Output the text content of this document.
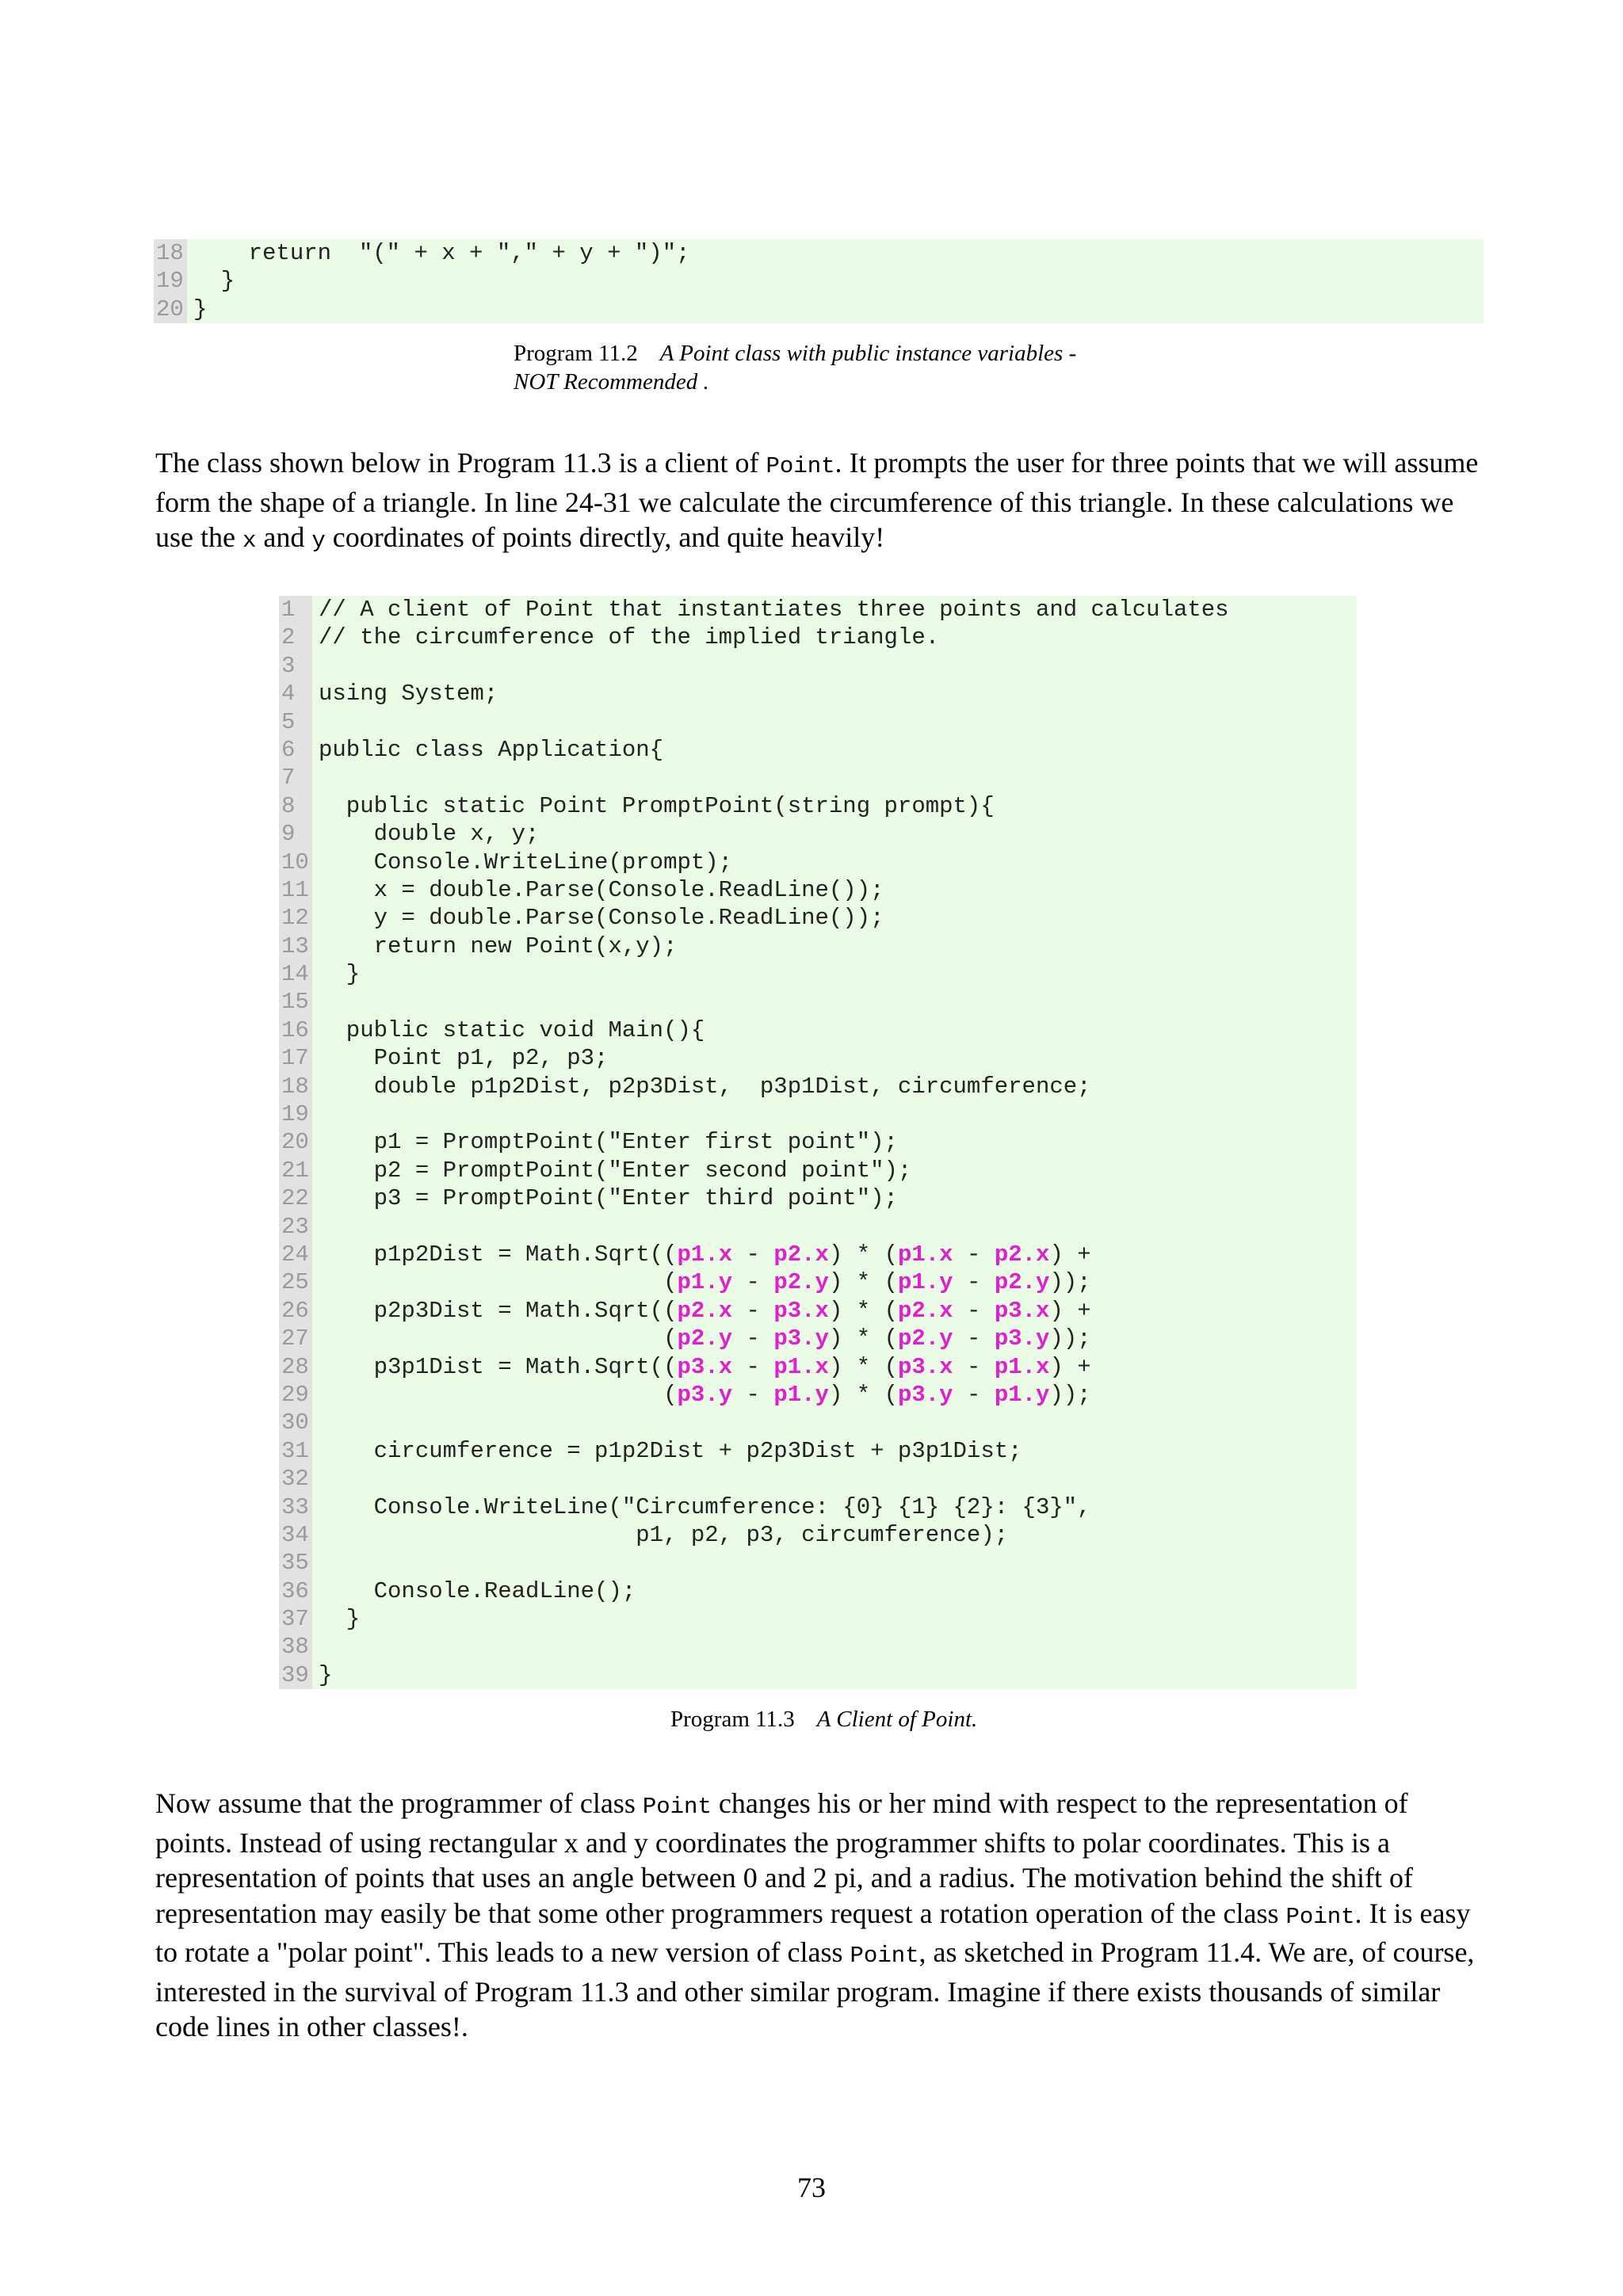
18 return  "(" + x + "," + y + ")";
19 }
20 }
Program 11.2 A Point class with public instance variables -
NOT Recommended .

The class shown below in Program 11.3 is a client of Point. It prompts the user for three points that we will assume form the shape of a triangle. In line 24-31 we calculate the circumference of this triangle. In these calculations we use the x and y coordinates of points directly, and quite heavily!

1	// A client of Point that instantiates three points and calculates
2	// the circumference of the implied triangle.
3
4	using System;
5
6	public class Application{
7
8	public static Point PromptPoint(string prompt){
9	double x, y;
10 Console.WriteLine(prompt);
11 x = double.Parse(Console.ReadLine());
12 y = double.Parse(Console.ReadLine());
13 return new Point(x,y);
14 }
15
16 public static void Main(){
17 Point p1, p2, p3;
18 double p1p2Dist, p2p3Dist,  p3p1Dist, circumference;
19
20 p1 = PromptPoint("Enter first point");
21 p2 = PromptPoint("Enter second point");
22 p3 = PromptPoint("Enter third point");
23
24 p1p2Dist = Math.Sqrt((p1.x - p2.x) * (p1.x - p2.x) +
25 (p1.y - p2.y) * (p1.y - p2.y));
26 p2p3Dist = Math.Sqrt((p2.x - p3.x) * (p2.x - p3.x) +
27 (p2.y - p3.y) * (p2.y - p3.y));
28 p3p1Dist = Math.Sqrt((p3.x - p1.x) * (p3.x - p1.x) +
29 (p3.y - p1.y) * (p3.y - p1.y));
30
31 circumference = p1p2Dist + p2p3Dist + p3p1Dist;
32
33 Console.WriteLine("Circumference: {0} {1} {2}: {3}",
34 p1, p2, p3, circumference);
35
36 Console.ReadLine();
37 }
38
39 }
Program 11.3 A Client of Point.

Now assume that the programmer of class Point changes his or her mind with respect to the representation of points. Instead of using rectangular x and y coordinates the programmer shifts to polar coordinates. This is a representation of points that uses an angle between 0 and 2 pi, and a radius. The motivation behind the shift of representation may easily be that some other programmers request a rotation operation of the class Point. It is easy to rotate a "polar point". This leads to a new version of class Point, as sketched in Program 11.4. We are, of course, interested in the survival of Program 11.3 and other similar program. Imagine if there exists thousands of similar code lines in other classes!.

73
